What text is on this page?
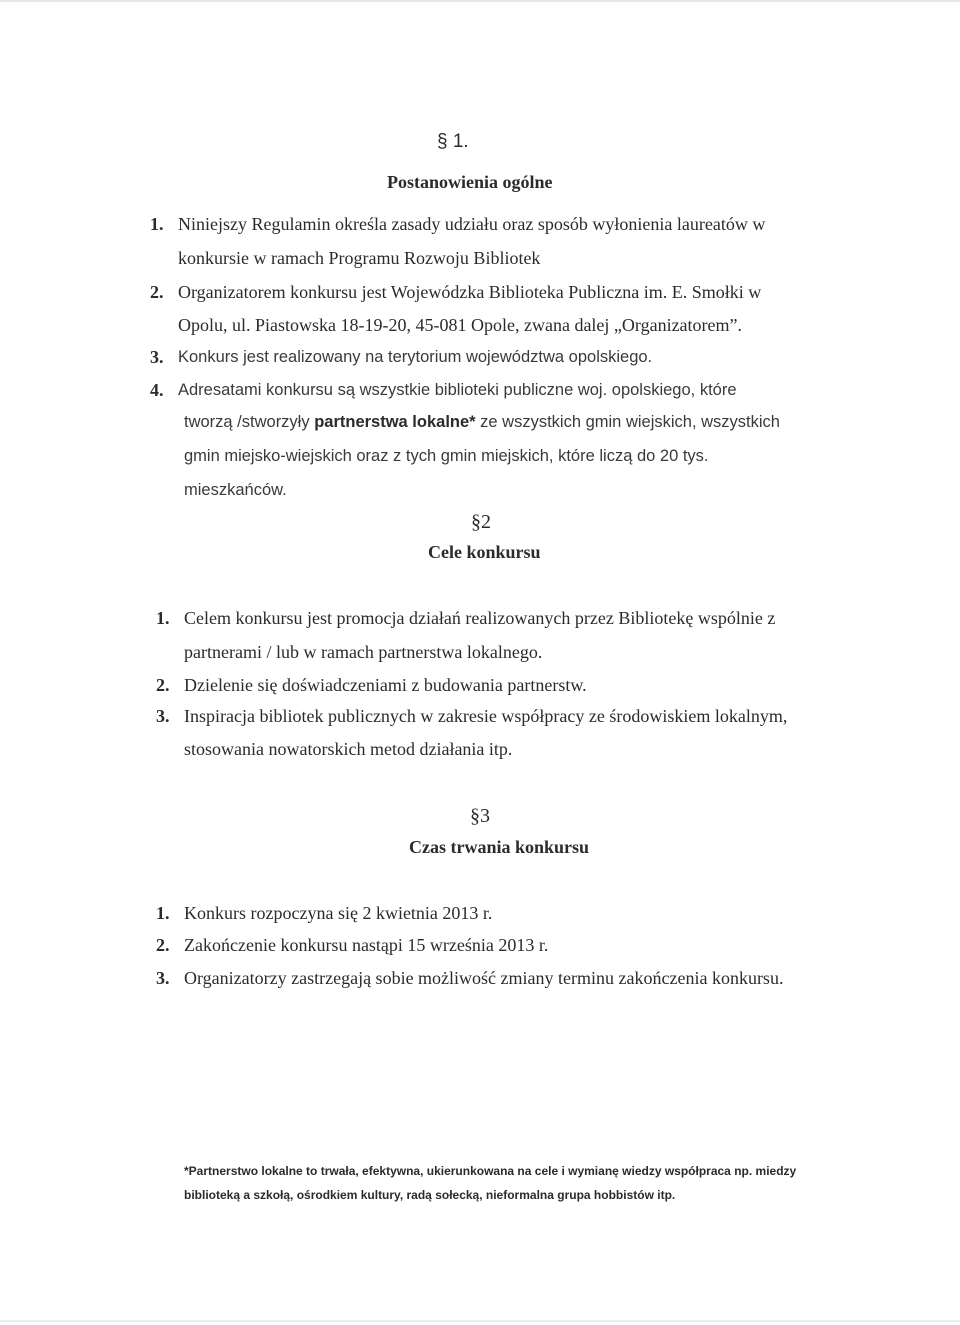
§ 1.
Postanowienia ogólne
1. Niniejszy Regulamin określa zasady udziału oraz sposób wyłonienia laureatów w
konkursie w ramach Programu Rozwoju Bibliotek
2. Organizatorem konkursu jest Wojewódzka Biblioteka Publiczna im. E. Smołki w
Opolu, ul. Piastowska 18-19-20, 45-081 Opole, zwana dalej „Organizatorem”.
3. Konkurs jest realizowany na terytorium województwa opolskiego.
4. Adresatami konkursu są wszystkie biblioteki publiczne woj. opolskiego, które
tworzą /stworzyły partnerstwa lokalne* ze wszystkich gmin wiejskich, wszystkich
gmin miejsko-wiejskich oraz z tych gmin miejskich, które liczą do 20 tys.
mieszkańców.
§2
Cele konkursu
1. Celem konkursu jest promocja działań realizowanych przez Bibliotekę wspólnie z
partnerami / lub w ramach partnerstwa lokalnego.
2. Dzielenie się doświadczeniami z budowania partnerstw.
3. Inspiracja bibliotek publicznych w zakresie współpracy ze środowiskiem lokalnym,
stosowania nowatorskich metod działania itp.
§3
Czas trwania konkursu
1. Konkurs rozpoczyna się 2 kwietnia 2013 r.
2. Zakończenie konkursu nastąpi 15 września 2013 r.
3. Organizatorzy zastrzegają sobie możliwość zmiany terminu zakończenia konkursu.
*Partnerstwo lokalne to trwała, efektywna, ukierunkowana na cele i wymianę wiedzy współpraca np. miedzy
biblioteką a szkołą, ośrodkiem kultury, radą sołecką, nieformalna grupa hobbistów itp.
